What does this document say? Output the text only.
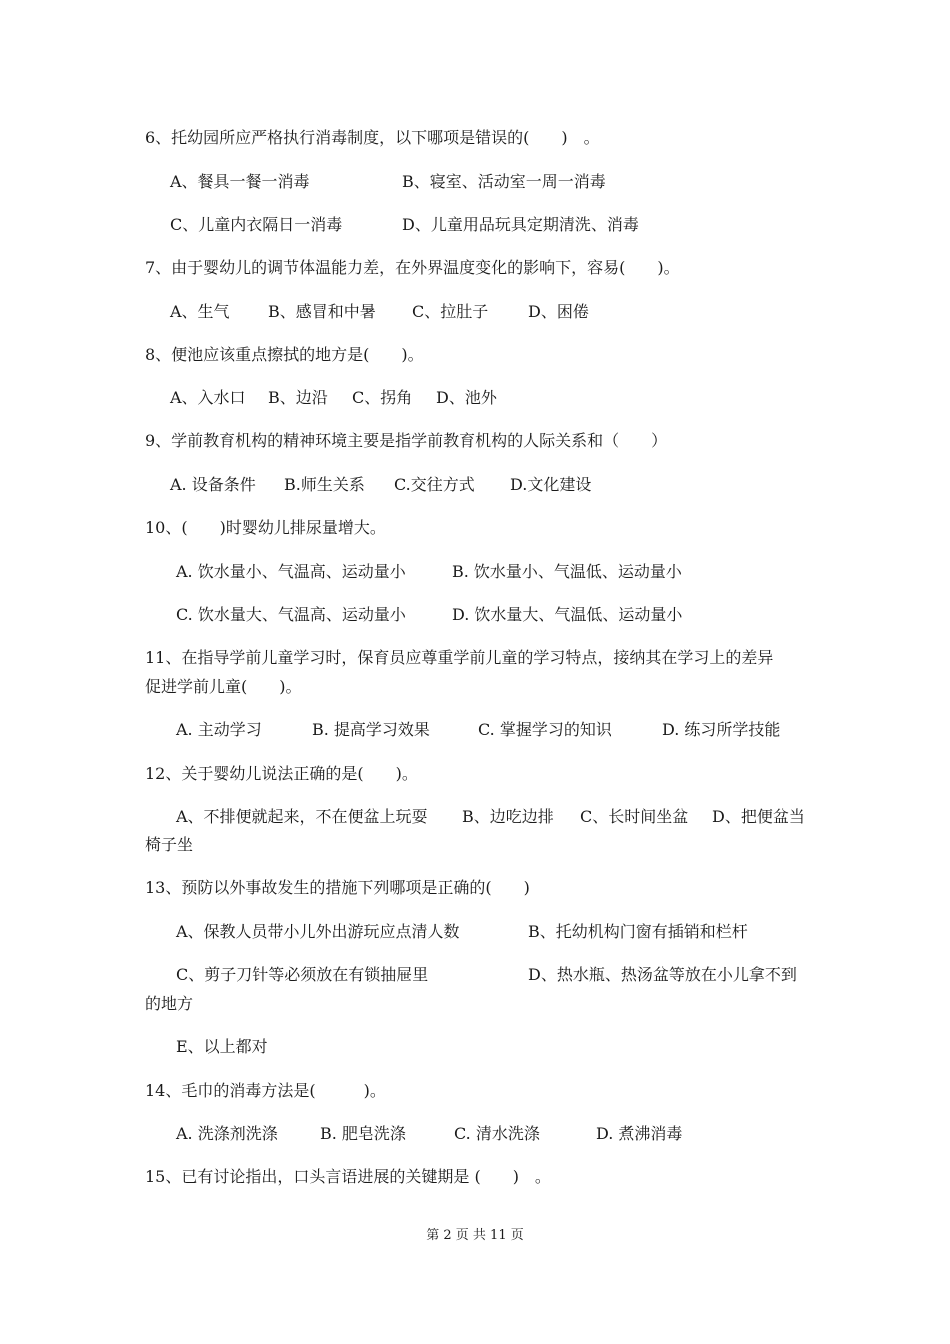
6、托幼园所应严格执行消毒制度，以下哪项是错误的(　　)　。
A、餐具一餐一消毒	B、寝室、活动室一周一消毒
C、儿童内衣隔日一消毒	D、儿童用品玩具定期清洗、消毒
7、由于婴幼儿的调节体温能力差，在外界温度变化的影响下，容易(　　)。
A、生气 B、感冒和中暑 C、拉肚子 D、困倦
8、便池应该重点擦拭的地方是(　　)。
A、入水口 B、边沿 C、拐角 D、池外
9、学前教育机构的精神环境主要是指学前教育机构的人际关系和（　　）
A. 设备条件 B.师生关系 C.交往方式 D.文化建设
10、(　　)时婴幼儿排尿量增大。
A. 饮水量小、气温高、运动量小	B. 饮水量小、气温低、运动量小
C. 饮水量大、气温高、运动量小	D. 饮水量大、气温低、运动量小
11、在指导学前儿童学习时，保育员应尊重学前儿童的学习特点，接纳其在学习上的差异
促进学前儿童(　　)。
A. 主动学习	B. 提高学习效果	C. 掌握学习的知识	D. 练习所学技能
12、关于婴幼儿说法正确的是(　　)。
A、不排便就起来，不在便盆上玩耍 B、边吃边排 C、长时间坐盆 D、把便盆当
椅子坐
13、预防以外事故发生的措施下列哪项是正确的(　　)
A、保教人员带小儿外出游玩应点清人数	B、托幼机构门窗有插销和栏杆
C、剪子刀针等必须放在有锁抽屉里	D、热水瓶、热汤盆等放在小儿拿不到
的地方
E、以上都对
14、毛巾的消毒方法是(　　　)。
A. 洗涤剂洗涤	B. 肥皂洗涤	C. 清水洗涤	D. 煮沸消毒
15、已有讨论指出，口头言语进展的关键期是 (　　)　。
第 2 页 共 11 页
